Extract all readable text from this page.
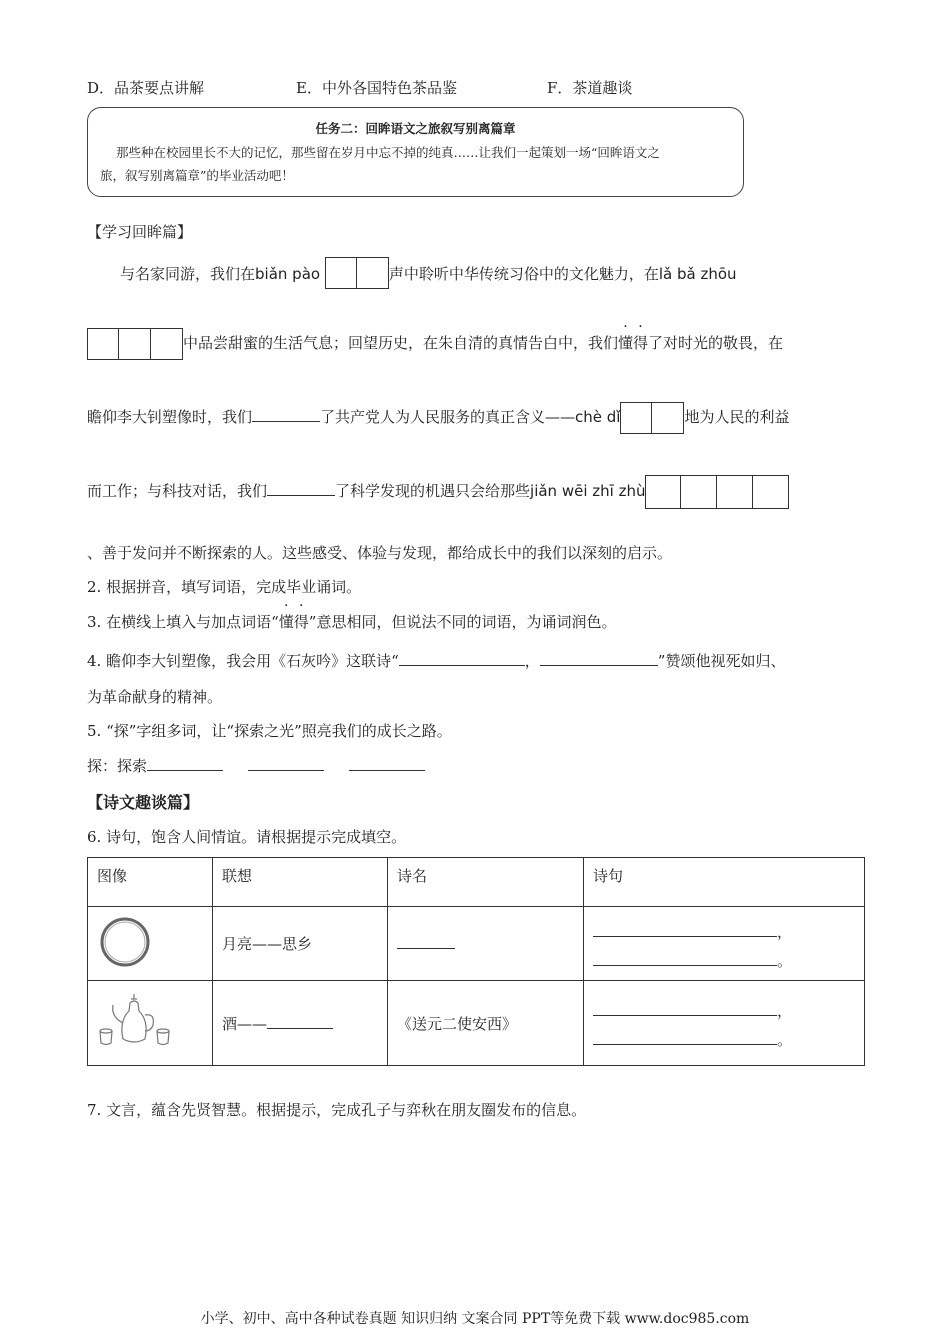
D．品茶要点讲解	E．中外各国特色茶品鉴	F．茶道趣谈
任务二：回眸语文之旅叙写别离篇章
那些种在校园里长不大的记忆，那些留在岁月中忘不掉的纯真……让我们一起策划一场“回眸语文之
旅，叙写别离篇章”的毕业活动吧！
【学习回眸篇】
与名家同游，我们在biǎn pào	声中聆听中华传统习俗中的文化魅力，在lǎ bǎ zhōu
中品尝甜蜜的生活气息；回望历史，在朱自清的真情告白中，我们懂得了对时光的敬畏，在
瞻仰李大钊塑像时，我们	了共产党人为人民服务的真正含义——chè dǐ	地为人民的利益
而工作；与科技对话，我们	了科学发现的机遇只会给那些jiǎn wēi zhī zhù
、善于发问并不断探索的人。这些感受、体验与发现，都给成长中的我们以深刻的启示。
2. 根据拼音，填写词语，完成毕业诵词。
3. 在横线上填入与加点词语“懂得”意思相同，但说法不同的词语，为诵词润色。
4. 瞻仰李大钊塑像，我会用《石灰吟》这联诗“	，	”赞颂他视死如归、
为革命献身的精神。
5. “探”字组多词，让“探索之光”照亮我们的成长之路。
探：探索
【诗文趣谈篇】
6. 诗句，饱含人间情谊。请根据提示完成填空。
图像	联想	诗名	诗句
	月亮——思乡		，
。

	酒——	《送元二使安西》	，
。
7. 文言，蕴含先贤智慧。根据提示，完成孔子与弈秋在朋友圈发布的信息。
小学、初中、高中各种试卷真题 知识归纳 文案合同 PPT等免费下载 www.doc985.com
